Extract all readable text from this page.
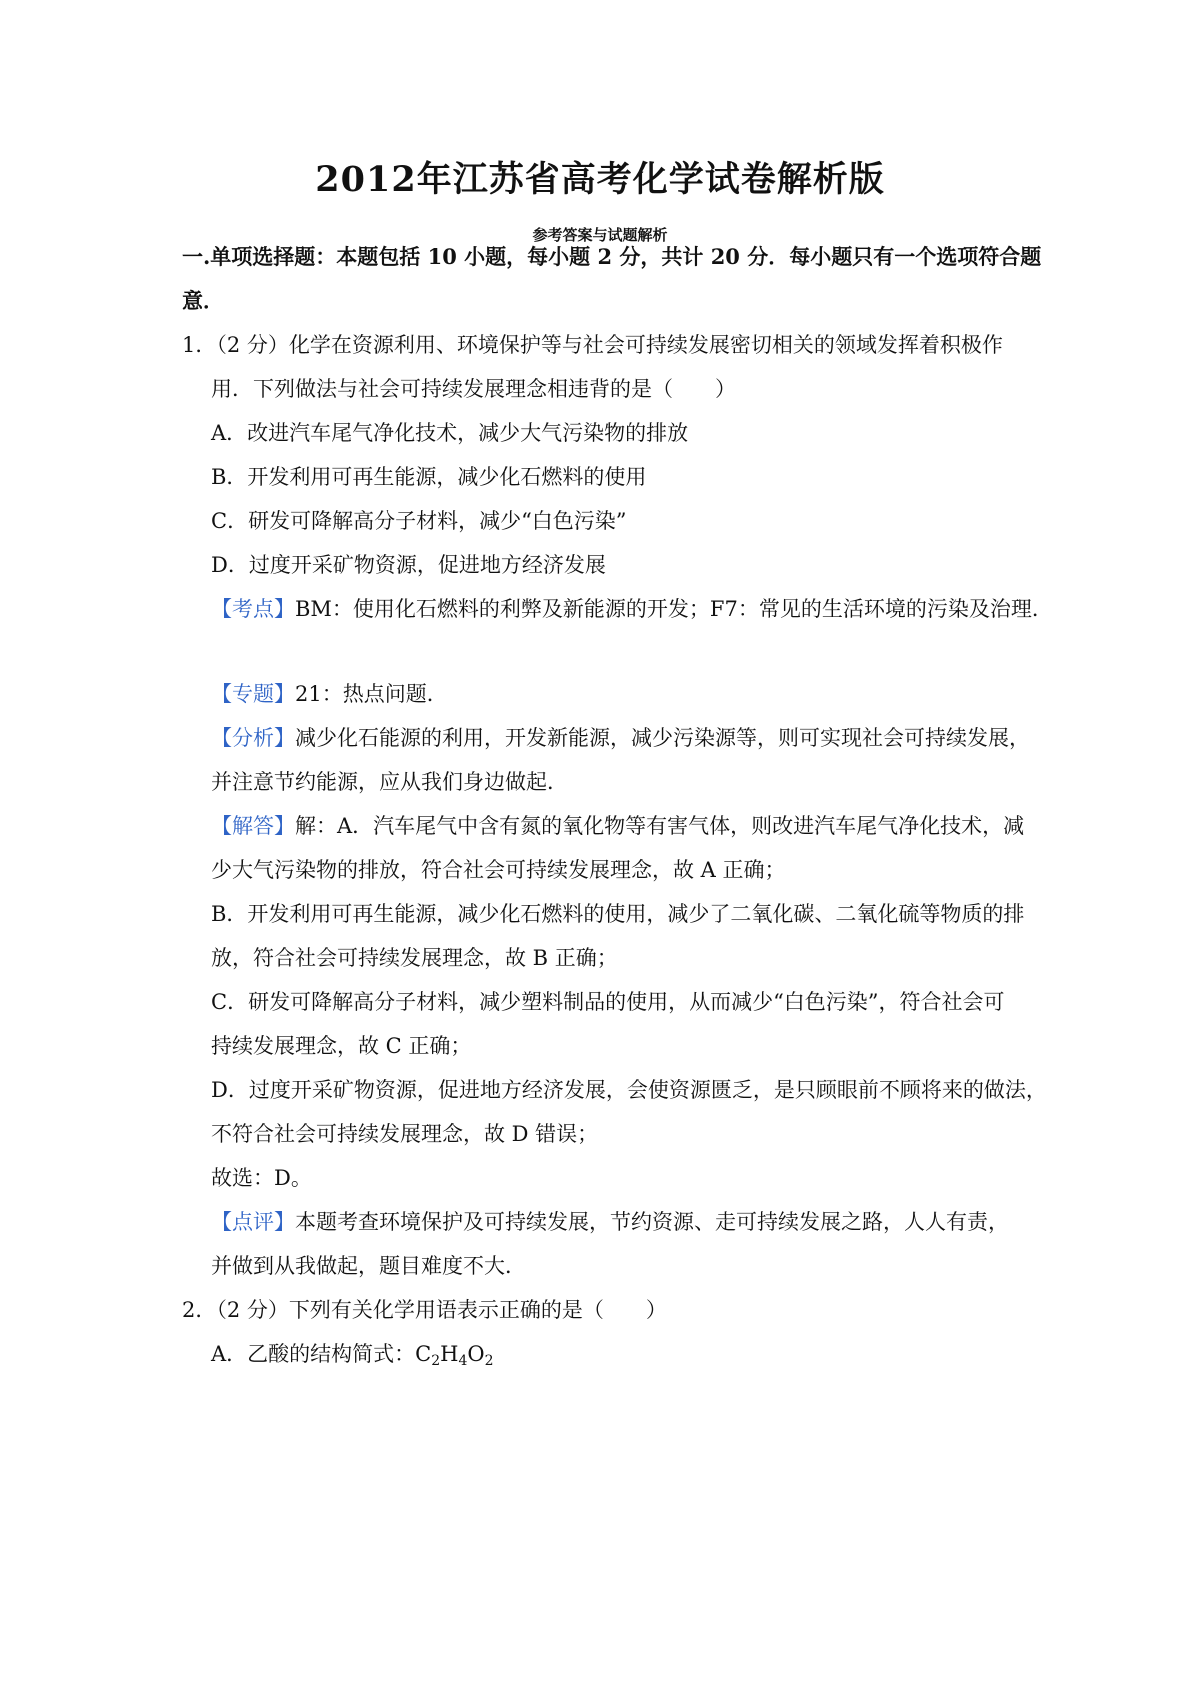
2012年江苏省高考化学试卷解析版
参考答案与试题解析
一.单项选择题：本题包括 10 小题，每小题 2 分，共计 20 分．每小题只有一个选项符合题
意．
1．（2 分）化学在资源利用、环境保护等与社会可持续发展密切相关的领域发挥着积极作
用．下列做法与社会可持续发展理念相违背的是（　　）
A．改进汽车尾气净化技术，减少大气污染物的排放
B．开发利用可再生能源，减少化石燃料的使用
C．研发可降解高分子材料，减少“白色污染”
D．过度开采矿物资源，促进地方经济发展
【考点】BM：使用化石燃料的利弊及新能源的开发；F7：常见的生活环境的污染及治理．
【专题】21：热点问题．
【分析】减少化石能源的利用，开发新能源，减少污染源等，则可实现社会可持续发展，
并注意节约能源，应从我们身边做起．
【解答】解：A．汽车尾气中含有氮的氧化物等有害气体，则改进汽车尾气净化技术，减
少大气污染物的排放，符合社会可持续发展理念，故 A 正确；
B．开发利用可再生能源，减少化石燃料的使用，减少了二氧化碳、二氧化硫等物质的排
放，符合社会可持续发展理念，故 B 正确；
C．研发可降解高分子材料，减少塑料制品的使用，从而减少“白色污染”，符合社会可
持续发展理念，故 C 正确；
D．过度开采矿物资源，促进地方经济发展，会使资源匮乏，是只顾眼前不顾将来的做法，
不符合社会可持续发展理念，故 D 错误；
故选：D。
【点评】本题考查环境保护及可持续发展，节约资源、走可持续发展之路，人人有责，
并做到从我做起，题目难度不大．
2．（2 分）下列有关化学用语表示正确的是（　　）
A．乙酸的结构简式：$C_2H_4O_2$
